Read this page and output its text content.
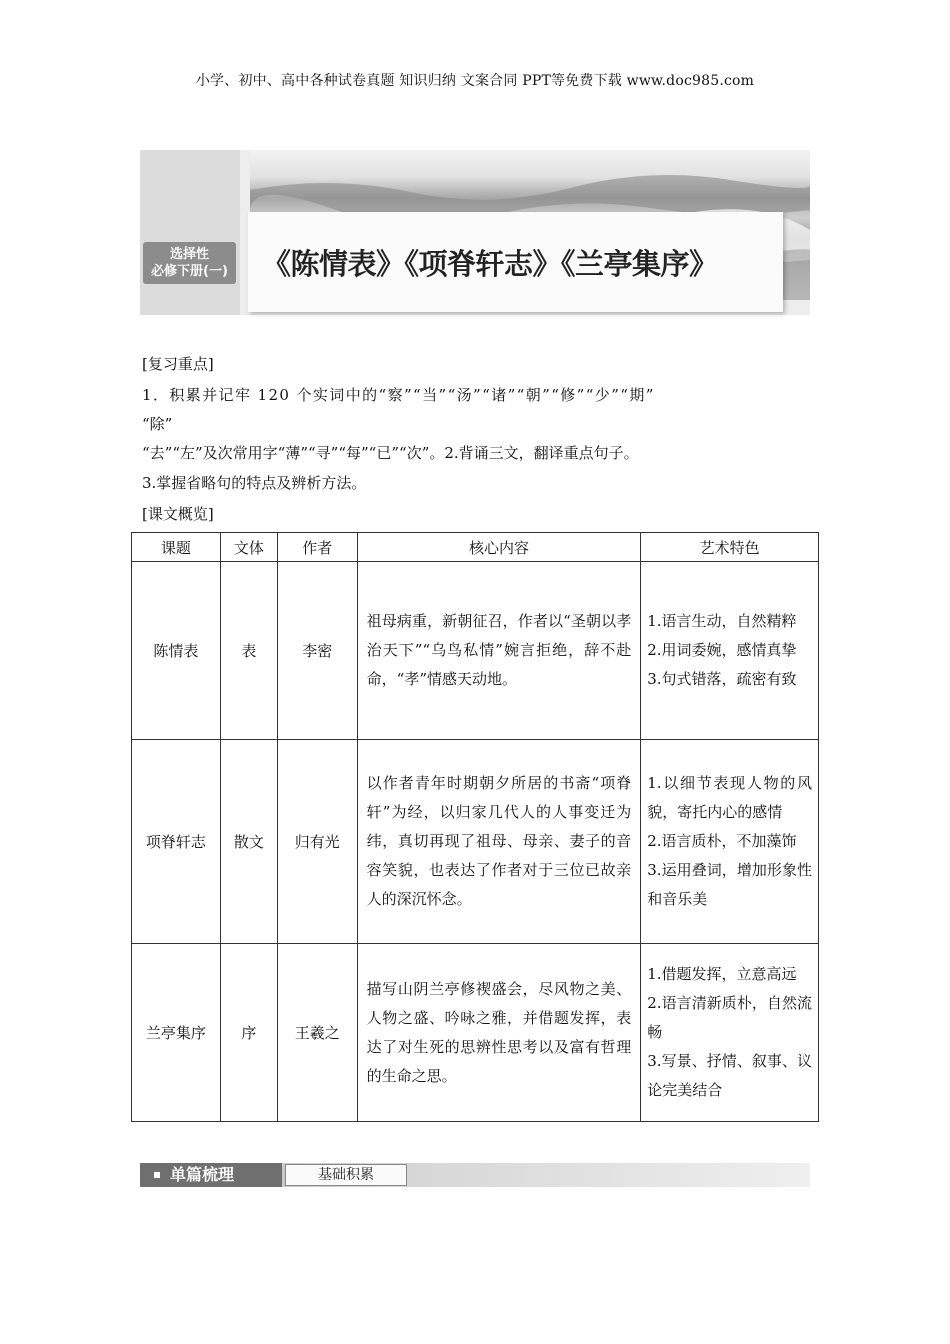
小学、初中、高中各种试卷真题 知识归纳 文案合同 PPT等免费下载 www.doc985.com
选择性
必修下册(一) 《陈情表》《项脊轩志》《兰亭集序》
[复习重点]
1．积累并记牢 120 个实词中的“察”“当”“汤”“诸”“朝”“修”“少”“期”
“除”
“去”“左”及次常用字“薄”“寻”“每”“已”“次”。2.背诵三文，翻译重点句子。
3.掌握省略句的特点及辨析方法。
[课文概览]
课题	文体	作者	核心内容	艺术特色
陈情表	表	李密	祖母病重，新朝征召，作者以“圣朝以孝治天下”“乌鸟私情”婉言拒绝，辞不赴命，“孝”情感天动地。	1.语言生动，自然精粹
2.用词委婉，感情真挚
3.句式错落，疏密有致

项脊轩志	散文	归有光	以作者青年时期朝夕所居的书斋“项脊轩”为经，以归家几代人的人事变迁为纬，真切再现了祖母、母亲、妻子的音容笑貌，也表达了作者对于三位已故亲人的深沉怀念。	1.以细节表现人物的风貌，寄托内心的感情
2.语言质朴，不加藻饰
3.运用叠词，增加形象性和音乐美

兰亭集序	序	王羲之	描写山阴兰亭修禊盛会，尽风物之美、人物之盛、吟咏之雅，并借题发挥，表达了对生死的思辨性思考以及富有哲理的生命之思。	1.借题发挥，立意高远
2.语言清新质朴，自然流畅
3.写景、抒情、叙事、议论完美结合
单篇梳理	基础积累
